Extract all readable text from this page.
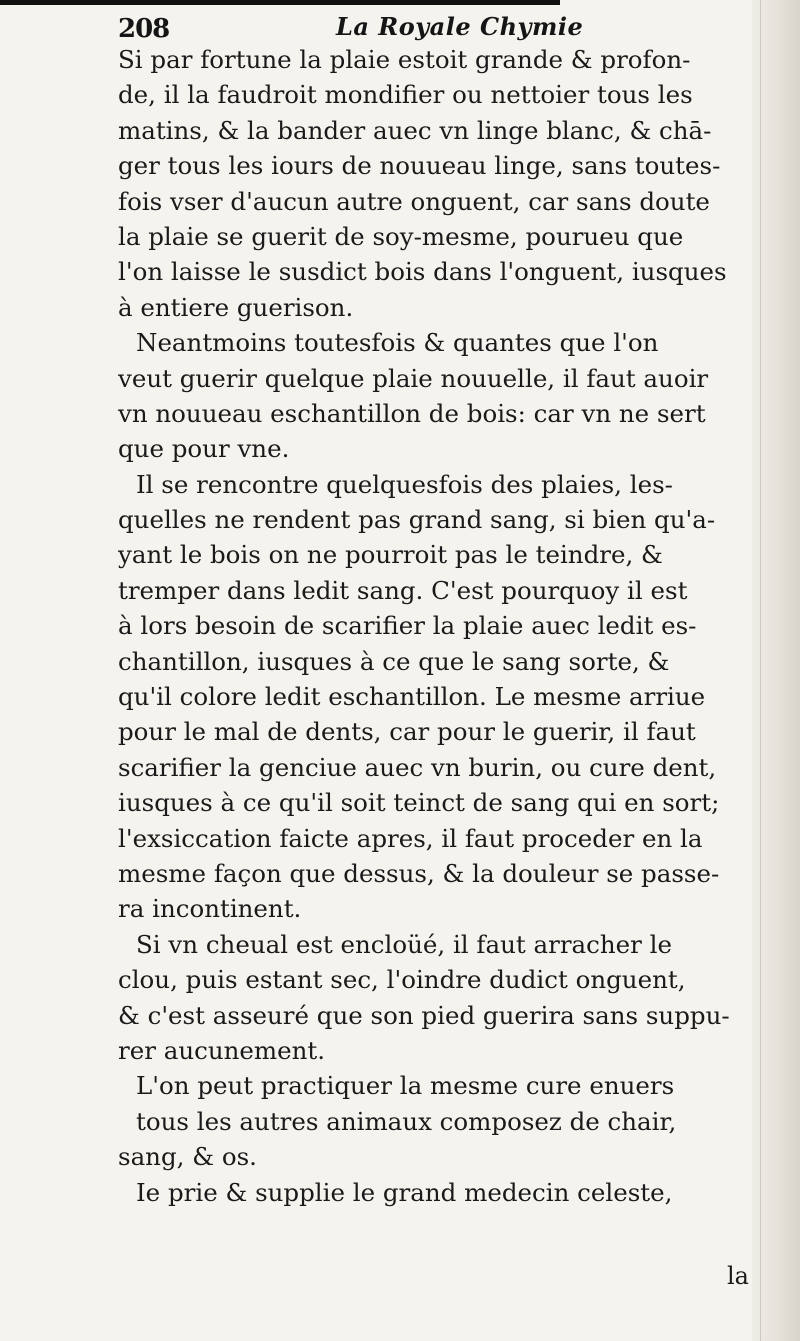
208	La Royale Chymie
Si par fortune la plaie estoit grande & profon-
de, il la faudroit mondifier ou nettoier tous les
matins, & la bander auec vn linge blanc, & chā-
ger tous les iours de nouueau linge, sans toutes-
fois vser d'aucun autre onguent, car sans doute
la plaie se guerit de soy-mesme, pourueu que
l'on laisse le susdict bois dans l'onguent, iusques
à entiere guerison.
Neantmoins toutesfois & quantes que l'on
veut guerir quelque plaie nouuelle, il faut auoir
vn nouueau eschantillon de bois: car vn ne sert
que pour vne.
Il se rencontre quelquesfois des plaies, les-
quelles ne rendent pas grand sang, si bien qu'a-
yant le bois on ne pourroit pas le teindre, &
tremper dans ledit sang. C'est pourquoy il est
à lors besoin de scarifier la plaie auec ledit es-
chantillon, iusques à ce que le sang sorte, &
qu'il colore ledit eschantillon. Le mesme arriue
pour le mal de dents, car pour le guerir, il faut
scarifier la genciue auec vn burin, ou cure dent,
iusques à ce qu'il soit teinct de sang qui en sort;
l'exsiccation faicte apres, il faut proceder en la
mesme façon que dessus, & la douleur se passe-
ra incontinent.
Si vn cheual est encloüé, il faut arracher le
clou, puis estant sec, l'oindre dudict onguent,
& c'est asseuré que son pied guerira sans suppu-
rer aucunement.
L'on peut practiquer la mesme cure enuers
tous les autres animaux composez de chair,
sang, & os.
Ie prie & supplie le grand medecin celeste,
la
